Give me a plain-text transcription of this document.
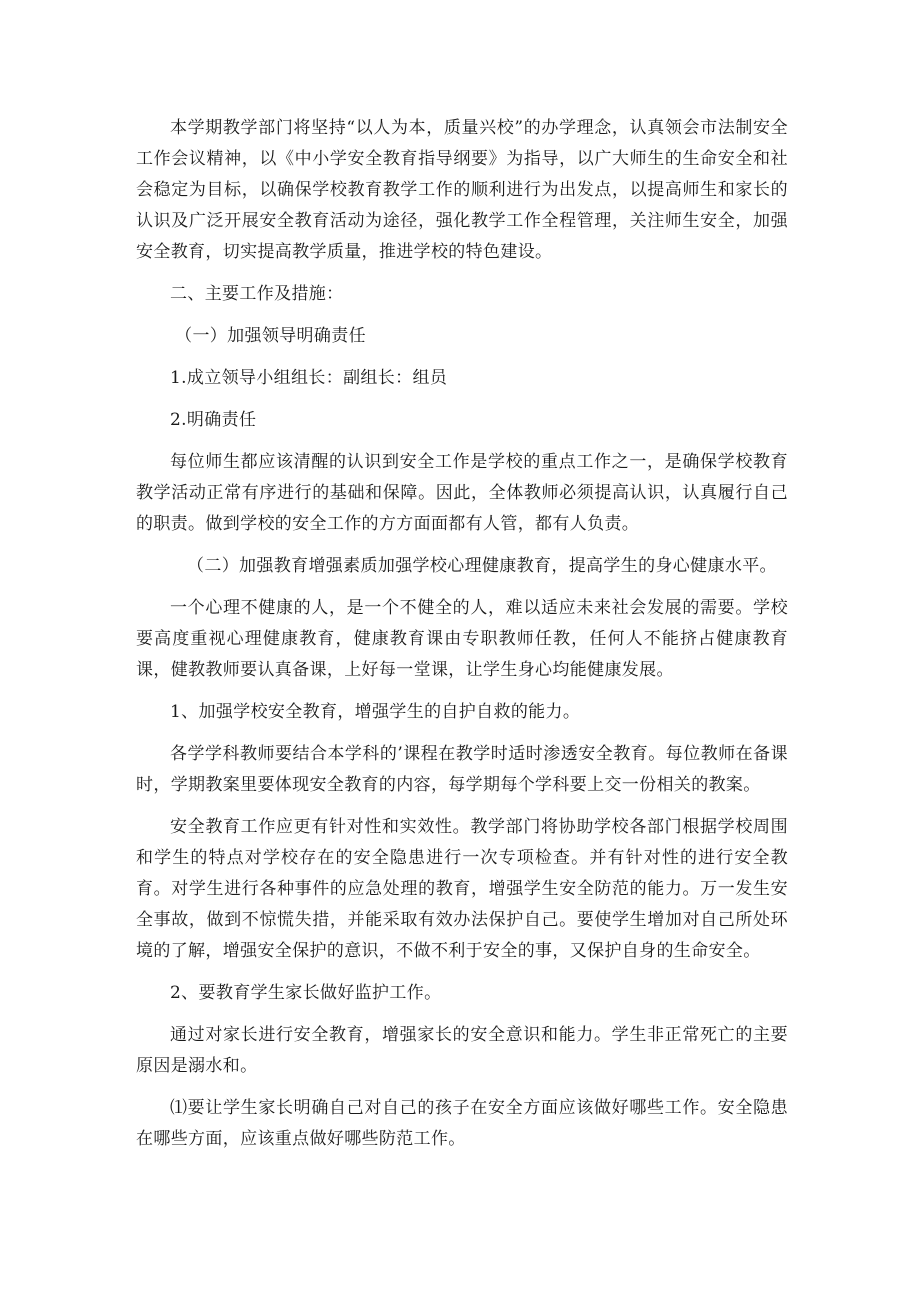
本学期教学部门将坚持“以人为本，质量兴校”的办学理念，认真领会市法制安全工作会议精神，以《中小学安全教育指导纲要》为指导，以广大师生的生命安全和社会稳定为目标，以确保学校教育教学工作的顺利进行为出发点，以提高师生和家长的认识及广泛开展安全教育活动为途径，强化教学工作全程管理，关注师生安全，加强安全教育，切实提高教学质量，推进学校的特色建设。

二、主要工作及措施：

（一）加强领导明确责任

1.成立领导小组组长：副组长：组员

2.明确责任

每位师生都应该清醒的认识到安全工作是学校的重点工作之一，是确保学校教育教学活动正常有序进行的基础和保障。因此，全体教师必须提高认识，认真履行自己的职责。做到学校的安全工作的方方面面都有人管，都有人负责。

（二）加强教育增强素质加强学校心理健康教育，提高学生的身心健康水平。

一个心理不健康的人，是一个不健全的人，难以适应未来社会发展的需要。学校要高度重视心理健康教育，健康教育课由专职教师任教，任何人不能挤占健康教育课，健教教师要认真备课，上好每一堂课，让学生身心均能健康发展。

1、加强学校安全教育，增强学生的自护自救的能力。

各学学科教师要结合本学科的’课程在教学时适时渗透安全教育。每位教师在备课时，学期教案里要体现安全教育的内容，每学期每个学科要上交一份相关的教案。

安全教育工作应更有针对性和实效性。教学部门将协助学校各部门根据学校周围和学生的特点对学校存在的安全隐患进行一次专项检查。并有针对性的进行安全教育。对学生进行各种事件的应急处理的教育，增强学生安全防范的能力。万一发生安全事故，做到不惊慌失措，并能采取有效办法保护自己。要使学生增加对自己所处环境的了解，增强安全保护的意识，不做不利于安全的事，又保护自身的生命安全。

2、要教育学生家长做好监护工作。

通过对家长进行安全教育，增强家长的安全意识和能力。学生非正常死亡的主要原因是溺水和。

⑴要让学生家长明确自己对自己的孩子在安全方面应该做好哪些工作。安全隐患在哪些方面，应该重点做好哪些防范工作。
